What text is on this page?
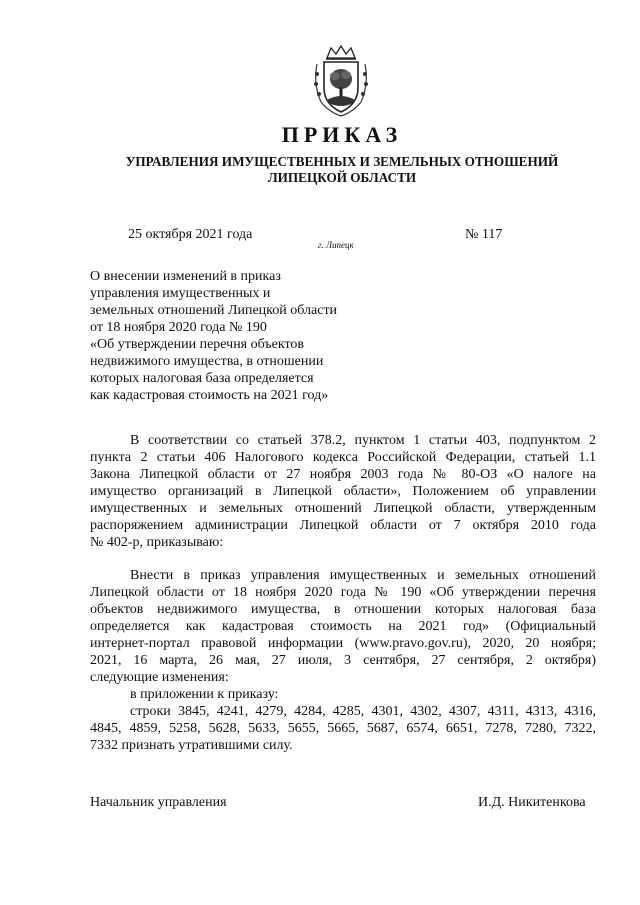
ПРИКАЗ
УПРАВЛЕНИЯ ИМУЩЕСТВЕННЫХ И ЗЕМЕЛЬНЫХ ОТНОШЕНИЙ
ЛИПЕЦКОЙ ОБЛАСТИ
25 октября 2021 года
г. Липецк
№ 117
О внесении изменений в приказ
управления имущественных и
земельных отношений Липецкой области
от 18 ноября 2020 года № 190
«Об утверждении перечня объектов
недвижимого имущества, в отношении
которых налоговая база определяется
как кадастровая стоимость на 2021 год»
В соответствии со статьей 378.2, пунктом 1 статьи 403, подпунктом 2
пункта 2 статьи 406 Налогового кодекса Российской Федерации, статьей 1.1
Закона Липецкой области от 27 ноября 2003 года № 80-ОЗ «О налоге на
имущество организаций в Липецкой области», Положением об управлении
имущественных и земельных отношений Липецкой области, утвержденным
распоряжением администрации Липецкой области от 7 октября 2010 года
№ 402-р, приказываю:
Внести в приказ управления имущественных и земельных отношений
Липецкой области от 18 ноября 2020 года № 190 «Об утверждении перечня
объектов недвижимого имущества, в отношении которых налоговая база
определяется как кадастровая стоимость на 2021 год» (Официальный
интернет-портал правовой информации (www.pravo.gov.ru), 2020, 20 ноября;
2021, 16 марта, 26 мая, 27 июля, 3 сентября, 27 сентября, 2 октября)
следующие изменения:
в приложении к приказу:
строки 3845, 4241, 4279, 4284, 4285, 4301, 4302, 4307, 4311, 4313, 4316,
4845, 4859, 5258, 5628, 5633, 5655, 5665, 5687, 6574, 6651, 7278, 7280, 7322,
7332 признать утратившими силу.
Начальник управления	И.Д. Никитенкова
